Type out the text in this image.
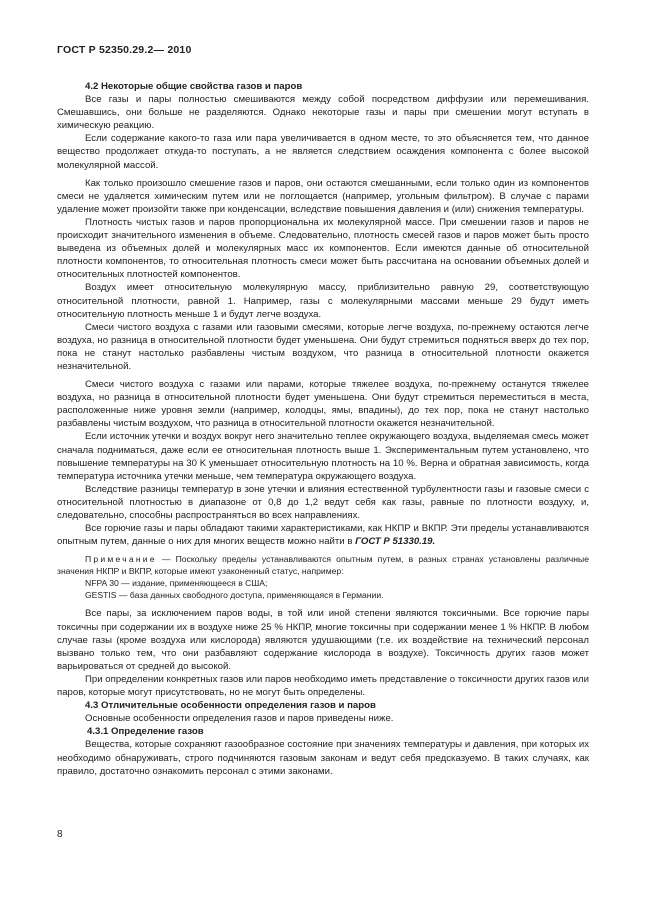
ГОСТ Р 52350.29.2— 2010
4.2 Некоторые общие свойства газов и паров

Все газы и пары полностью смешиваются между собой посредством диффузии или перемешивания. Смешавшись, они больше не разделяются. Однако некоторые газы и пары при смешении могут вступать в химическую реакцию.

Если содержание какого-то газа или пара увеличивается в одном месте, то это объясняется тем, что данное вещество продолжает откуда-то поступать, а не является следствием осаждения компонента с более высокой молекулярной массой.

Как только произошло смешение газов и паров, они остаются смешанными, если только один из компонентов смеси не удаляется химическим путем или не поглощается (например, угольным фильтром). В случае с парами удаление может произойти также при конденсации, вследствие повышения давления и (или) снижения температуры.

Плотность чистых газов и паров пропорциональна их молекулярной массе. При смешении газов и паров не происходит значительного изменения в объеме. Следовательно, плотность смесей газов и паров может быть просто выведена из объемных долей и молекулярных масс их компонентов. Если имеются данные об относительной плотности компонентов, то относительная плотность смеси может быть рассчитана на основании объемных долей и относительных плотностей компонентов.

Воздух имеет относительную молекулярную массу, приблизительно равную 29, соответствующую относительной плотности, равной 1. Например, газы с молекулярными массами меньше 29 будут иметь относительную плотность меньше 1 и будут легче воздуха.

Смеси чистого воздуха с газами или газовыми смесями, которые легче воздуха, по-прежнему остаются легче воздуха, но разница в относительной плотности будет уменьшена. Они будут стремиться подняться вверх до тех пор, пока не станут настолько разбавлены чистым воздухом, что разница в относительной плотности окажется незначительной.

Смеси чистого воздуха с газами или парами, которые тяжелее воздуха, по-прежнему останутся тяжелее воздуха, но разница в относительной плотности будет уменьшена. Они будут стремиться переместиться в места, расположенные ниже уровня земли (например, колодцы, ямы, впадины), до тех пор, пока не станут настолько разбавлены чистым воздухом, что разница в относительной плотности окажется незначительной.

Если источник утечки и воздух вокруг него значительно теплее окружающего воздуха, выделяемая смесь может сначала подниматься, даже если ее относительная плотность выше 1. Экспериментальным путем установлено, что повышение температуры на 30 K уменьшает относительную плотность на 10 %. Верна и обратная зависимость, когда температура источника утечки меньше, чем температура окружающего воздуха.

Вследствие разницы температур в зоне утечки и влияния естественной турбулентности газы и газовые смеси с относительной плотностью в диапазоне от 0,8 до 1,2 ведут себя как газы, равные по плотности воздуху, и, следовательно, способны распространяться во всех направлениях.

Все горючие газы и пары обладают такими характеристиками, как НКПР и ВКПР. Эти пределы устанавливаются опытным путем, данные о них для многих веществ можно найти в ГОСТ Р 51330.19.

Примечание — Поскольку пределы устанавливаются опытным путем, в разных странах установлены различные значения НКПР и ВКПР, которые имеют узаконенный статус, например:

NFPA 30 — издание, применяющееся в США;

GESTIS — база данных свободного доступа, применяющаяся в Германии.

Все пары, за исключением паров воды, в той или иной степени являются токсичными. Все горючие пары токсичны при содержании их в воздухе ниже 25 % НКПР, многие токсичны при содержании менее 1 % НКПР. В любом случае газы (кроме воздуха или кислорода) являются удушающими (т.е. их воздействие на технический персонал вызвано только тем, что они разбавляют содержание кислорода в воздухе). Токсичность других газов может варьироваться от средней до высокой.

При определении конкретных газов или паров необходимо иметь представление о токсичности других газов или паров, которые могут присутствовать, но не могут быть определены.

4.3 Отличительные особенности определения газов и паров

Основные особенности определения газов и паров приведены ниже.

4.3.1 Определение газов

Вещества, которые сохраняют газообразное состояние при значениях температуры и давления, при которых их необходимо обнаруживать, строго подчиняются газовым законам и ведут себя предсказуемо. В таких случаях, как правило, достаточно ознакомить персонал с этими законами.

8
